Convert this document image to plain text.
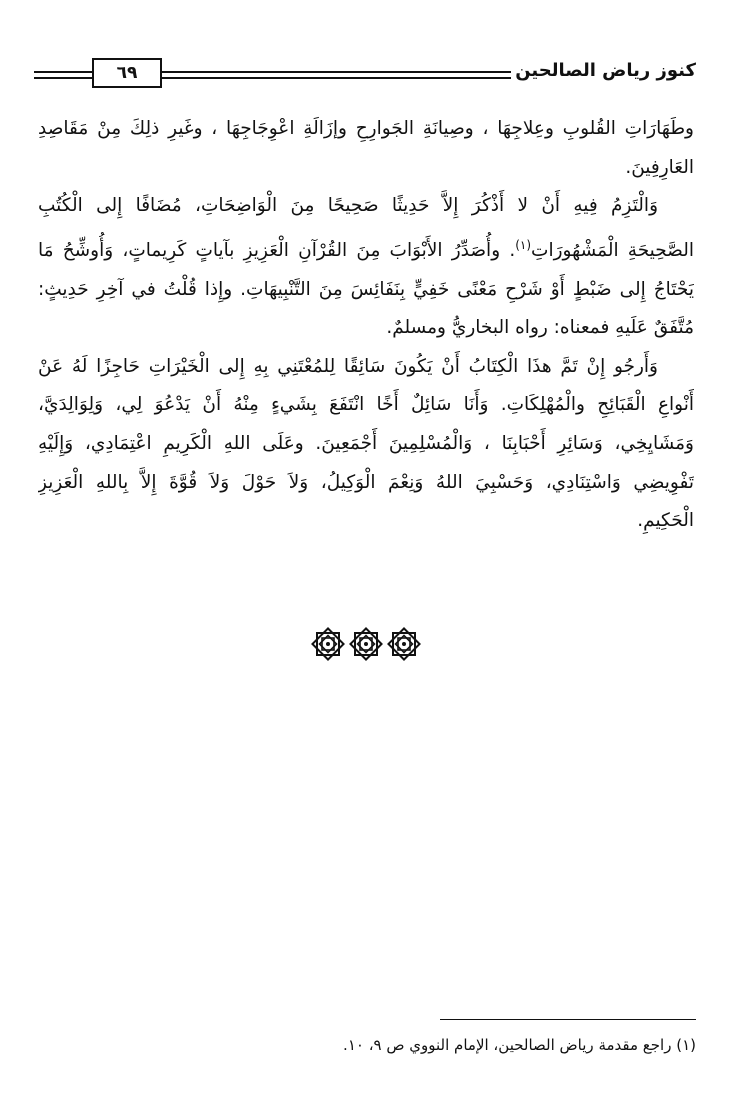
كنوز رياض الصالحين
٦٩

وطَهَارَاتِ القُلوبِ وعِلاجِهَا ، وصِيانَةِ الجَوارِحِ وإزَالَةِ اعْوِجَاجِهَا ، وغَيرِ ذلِكَ مِنْ مَقَاصِدِ
العَارِفِينَ.

وَالْتَزِمُ فِيهِ أَنْ لا أَذْكُرَ إِلاَّ حَدِيثًا صَحِيحًا مِنَ الْوَاضِحَاتِ، مُضَافًا إِلى الْكُتُبِ
الصَّحِيحَةِ الْمَشْهُورَاتِ$^{(١)}$. وأُصَدِّرُ الأَبْوَابَ مِنَ القُرْآنِ الْعَزِيزِ بآياتٍ كَرِيماتٍ، وَأُوشِّحُ مَا
يَحْتَاجُ إِلى ضَبْطٍ أَوْ شَرْحِ مَعْنًى خَفِيٍّ بِنَفَائِسَ مِنَ التَّنْبِيهَاتِ. وإِذا قُلْتُ في آخِرِ حَدِيثٍ:
مُتَّفَقٌ عَلَيهِ فمعناه: رواه البخاريُّ ومسلمٌ.

وَأَرجُو إِنْ تَمَّ هذَا الْكِتَابُ أَنْ يَكُونَ سَائِقًا لِلمُعْتَنِي بِهِ إِلى الْخَيْرَاتِ حَاجِزًا لَهُ عَنْ
أَنْواعِ الْقَبَائِحِ والْمُهْلِكَاتِ. وَأَنَا سَائِلٌ أَخًا انْتَفَعَ بِشَيءٍ مِنْهُ أَنْ يَدْعُوَ لِي، وَلِوَالِدَيَّ،
وَمَشَايِخِي، وَسَائِرِ أَحْبَابِنَا ، وَالْمُسْلِمِينَ أَجْمَعِينَ. وعَلَى اللهِ الْكَرِيمِ اعْتِمَادِي، وَإِلَيْهِ
تَفْوِيضِي وَاسْتِنَادِي، وَحَسْبِيَ اللهُ وَنِعْمَ الْوَكِيلُ، وَلاَ حَوْلَ وَلاَ قُوَّةَ إِلاَّ بِاللهِ الْعَزِيزِ
الْحَكِيمِ.

(١) راجع مقدمة رياض الصالحين، الإمام النووي ص ٩، ١٠.
